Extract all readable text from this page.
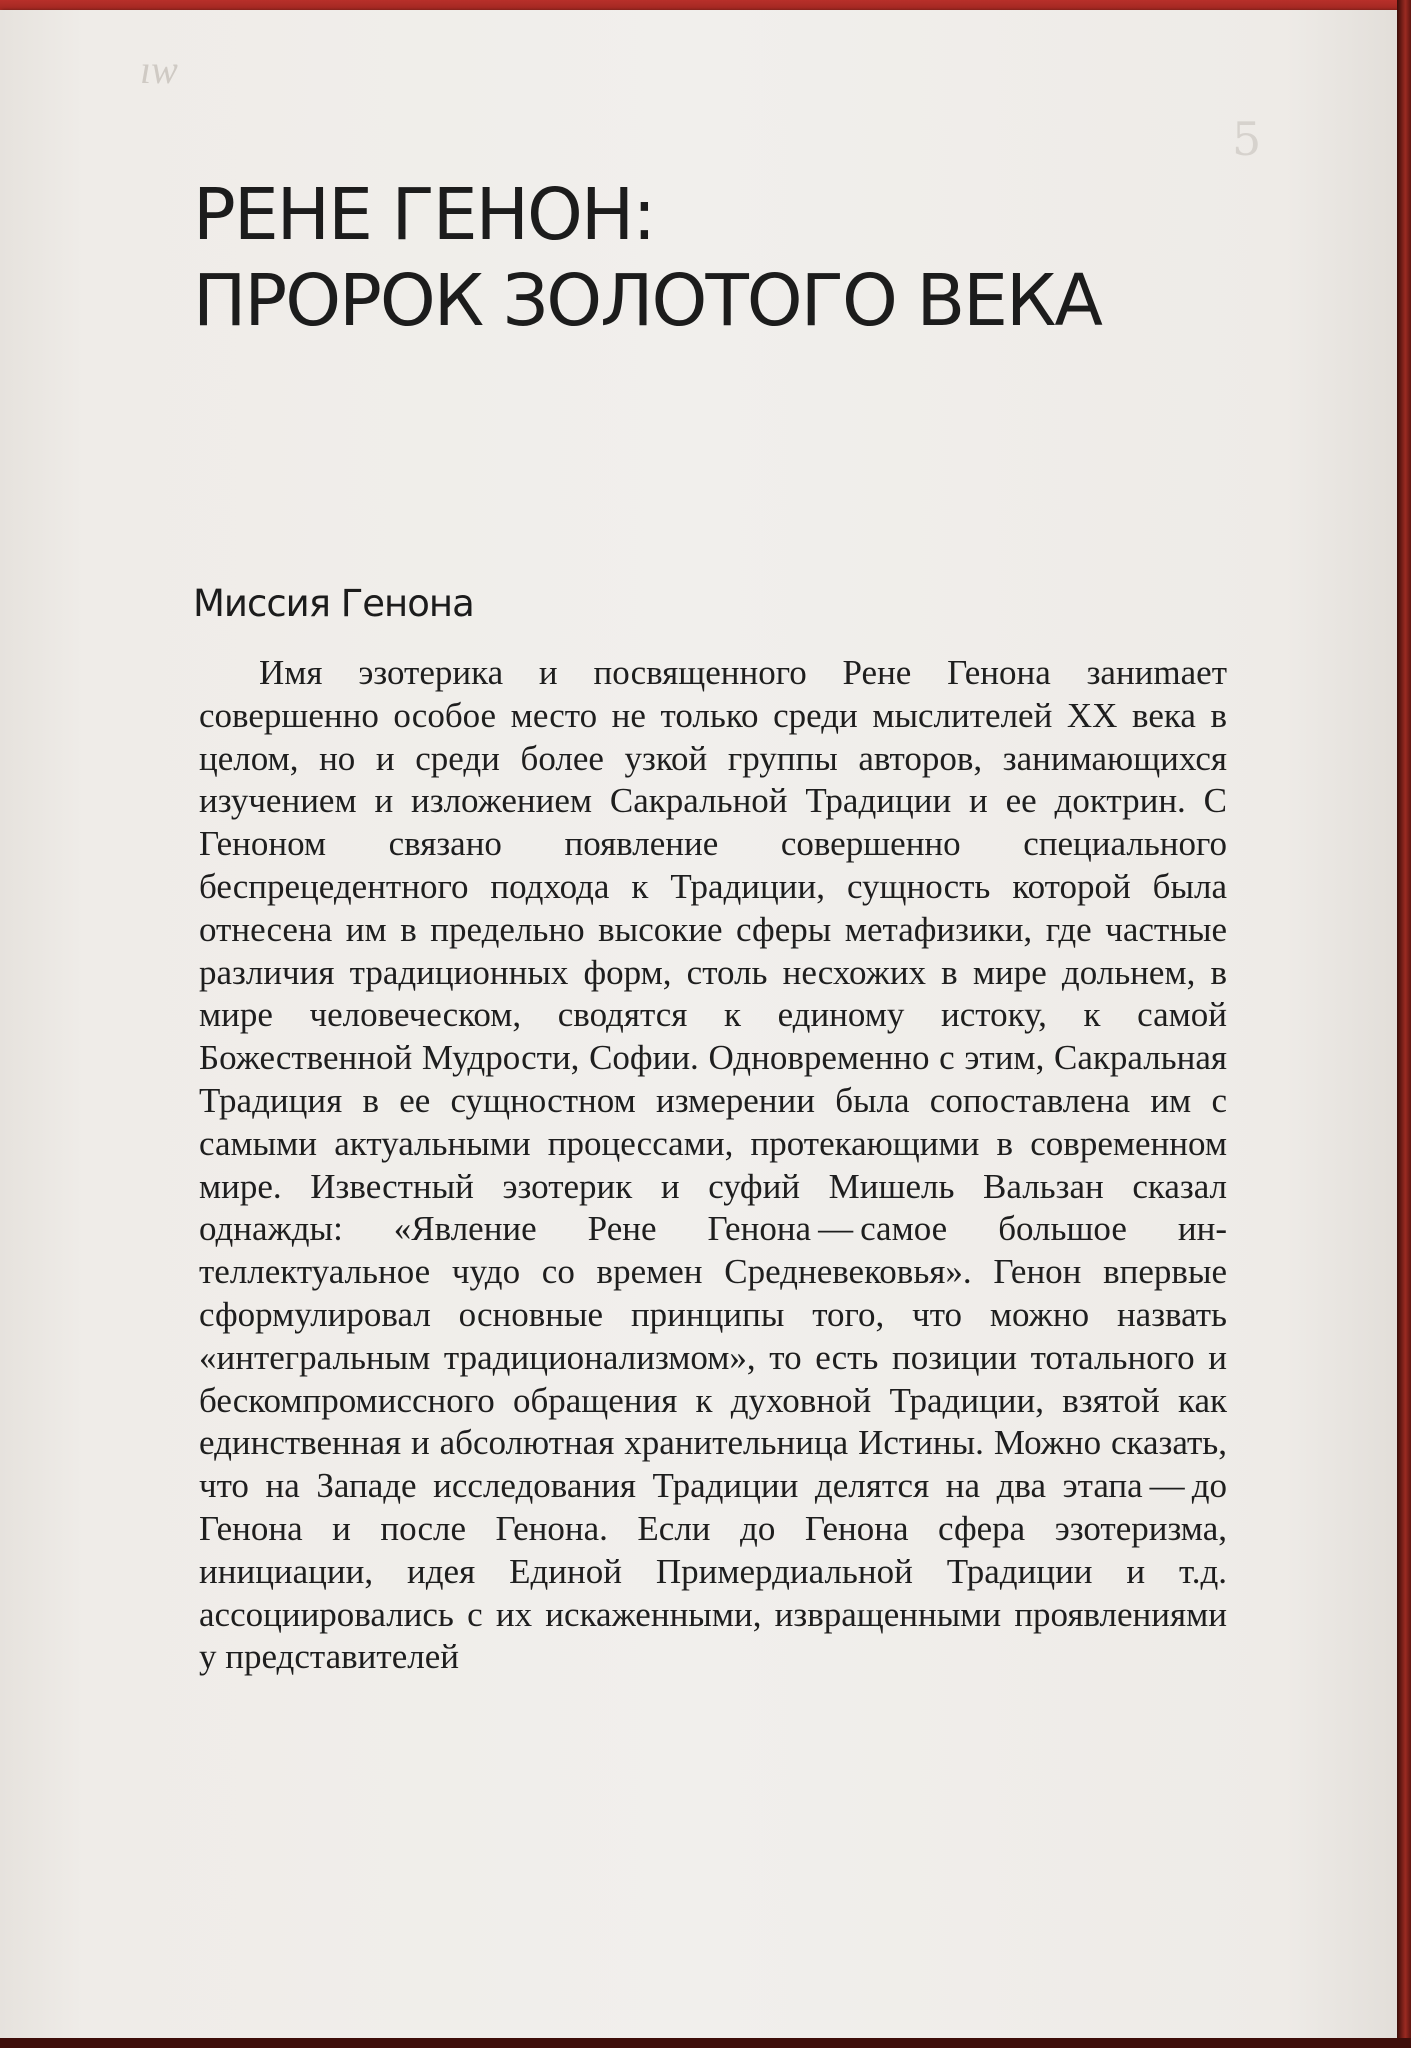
ıw
5
РЕНЕ ГЕНОН:
ПРОРОК ЗОЛОТОГО ВЕКА
Миссия Генона

Имя эзотерика и посвященного Рене Генона заниmает совершенно особое место не только среди мыслителей XX века в целом, но и среди более узкой группы авторов, занимающихся изучением и изложением Сакральной Традиции и ее доктрин. С Геноном связано появление совершенно специального беспрецедентного подхода к Традиции, сущность которой была отнесена им в предельно высокие сферы метафизики, где частные различия традиционных форм, столь несхожих в мире дольнем, в мире человеческом, сводятся к единому истоку, к самой Божественной Мудрости, Софии. Одновременно с этим, Сакральная Традиция в ее сущностном измерении была сопоставлена им с самыми актуальными процессами, протекающими в современном мире. Известный эзотерик и суфий Мишель Вальзан сказал однажды: «Явление Рене Генона — самое большое интеллектуальное чудо со времен Средневековья». Генон впервые сформулировал основные принципы того, что можно назвать «интегральным традиционализмом», то есть позиции тотального и бескомпромиссного обращения к духовной Традиции, взятой как единственная и абсолютная хранительница Истины. Можно сказать, что на Западе исследования Традиции делятся на два этапа — до Генона и после Генона. Если до Генона сфера эзотеризма, инициации, идея Единой Примердиальной Традиции и т.д. ассоциировались с их искаженными, извращенными проявлениями у представителей
